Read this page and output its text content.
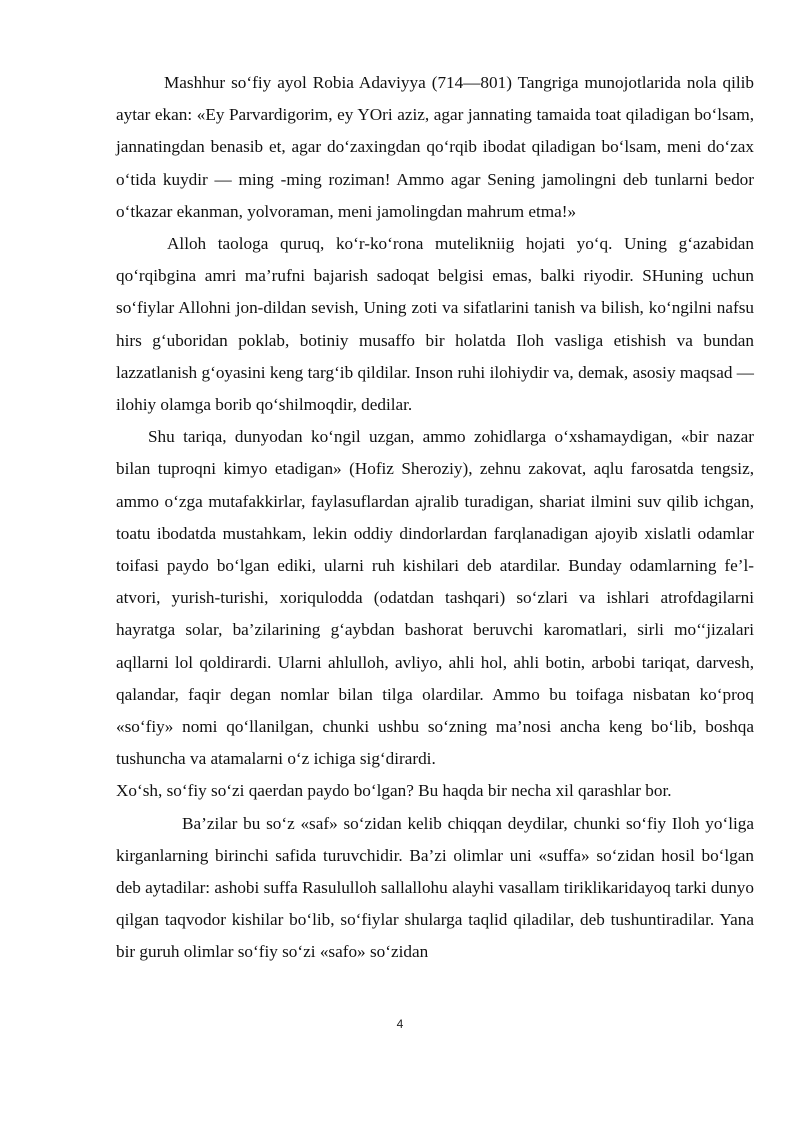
Mashhur so‘fiy ayol Robia Adaviyya (714—801) Tangriga munojotlarida nola qilib aytar ekan: «Ey Parvardigorim, ey YOri aziz, agar jannating tamaida toat qiladigan bo‘lsam, jannatingdan benasib et, agar do‘zaxingdan qo‘rqib ibodat qiladigan bo‘lsam, meni do‘zax o‘tida kuydir — ming -ming roziman! Ammo agar Sening jamolingni deb tunlarni bedor o‘tkazar ekanman, yolvoraman, meni jamolingdan mahrum etma!»

Alloh taologa quruq, ko‘r-ko‘rona mutelikniig hojati yo‘q. Uning g‘azabidan qo‘rqibgina amri ma’rufni bajarish sadoqat belgisi emas, balki riyodir. SHuning uchun so‘fiylar Allohni jon-dildan sevish, Uning zoti va sifatlarini tanish va bilish, ko‘ngilni nafsu hirs g‘uboridan poklab, botiniy musaffo bir holatda Iloh vasliga etishish va bundan lazzatlanish g‘oyasini keng targ‘ib qildilar. Inson ruhi ilohiydir va, demak, asosiy maqsad — ilohiy olamga borib qo‘shilmoqdir, dedilar.

Shu tariqa, dunyodan ko‘ngil uzgan, ammo zohidlarga o‘xshamaydigan, «bir nazar bilan tuproqni kimyo etadigan» (Hofiz Sheroziy), zehnu zakovat, aqlu farosatda tengsiz, ammo o‘zga mutafakkirlar, faylasuflardan ajralib turadigan, shariat ilmini suv qilib ichgan, toatu ibodatda mustahkam, lekin oddiy dindorlardan farqlanadigan ajoyib xislatli odamlar toifasi paydo bo‘lgan ediki, ularni ruh kishilari deb atardilar. Bunday odamlarning fe’l-atvori, yurish-turishi, xoriqulodda (odatdan tashqari) so‘zlari va ishlari atrofdagilarni hayratga solar, ba’zilarining g‘aybdan bashorat beruvchi karomatlari, sirli mo‘‘jizalari aqllarni lol qoldirardi. Ularni ahlulloh, avliyo, ahli hol, ahli botin, arbobi tariqat, darvesh, qalandar, faqir degan nomlar bilan tilga olardilar. Ammo bu toifaga nisbatan ko‘proq «so‘fiy» nomi qo‘llanilgan, chunki ushbu so‘zning ma’nosi ancha keng bo‘lib, boshqa tushuncha va atamalarni o‘z ichiga sig‘dirardi.

Xo‘sh, so‘fiy so‘zi qaerdan paydo bo‘lgan? Bu haqda bir necha xil qarashlar bor.

Ba’zilar bu so‘z «saf» so‘zidan kelib chiqqan deydilar, chunki so‘fiy Iloh yo‘liga kirganlarning birinchi safida turuvchidir. Ba’zi olimlar uni «suffa» so‘zidan hosil bo‘lgan deb aytadilar: ashobi suffa Rasululloh sallallohu alayhi vasallam tiriklikaridayoq tarki dunyo qilgan taqvodor kishilar bo‘lib, so‘fiylar shularga taqlid qiladilar, deb tushuntiradilar. Yana bir guruh olimlar so‘fiy so‘zi «safo» so‘zidan

4
